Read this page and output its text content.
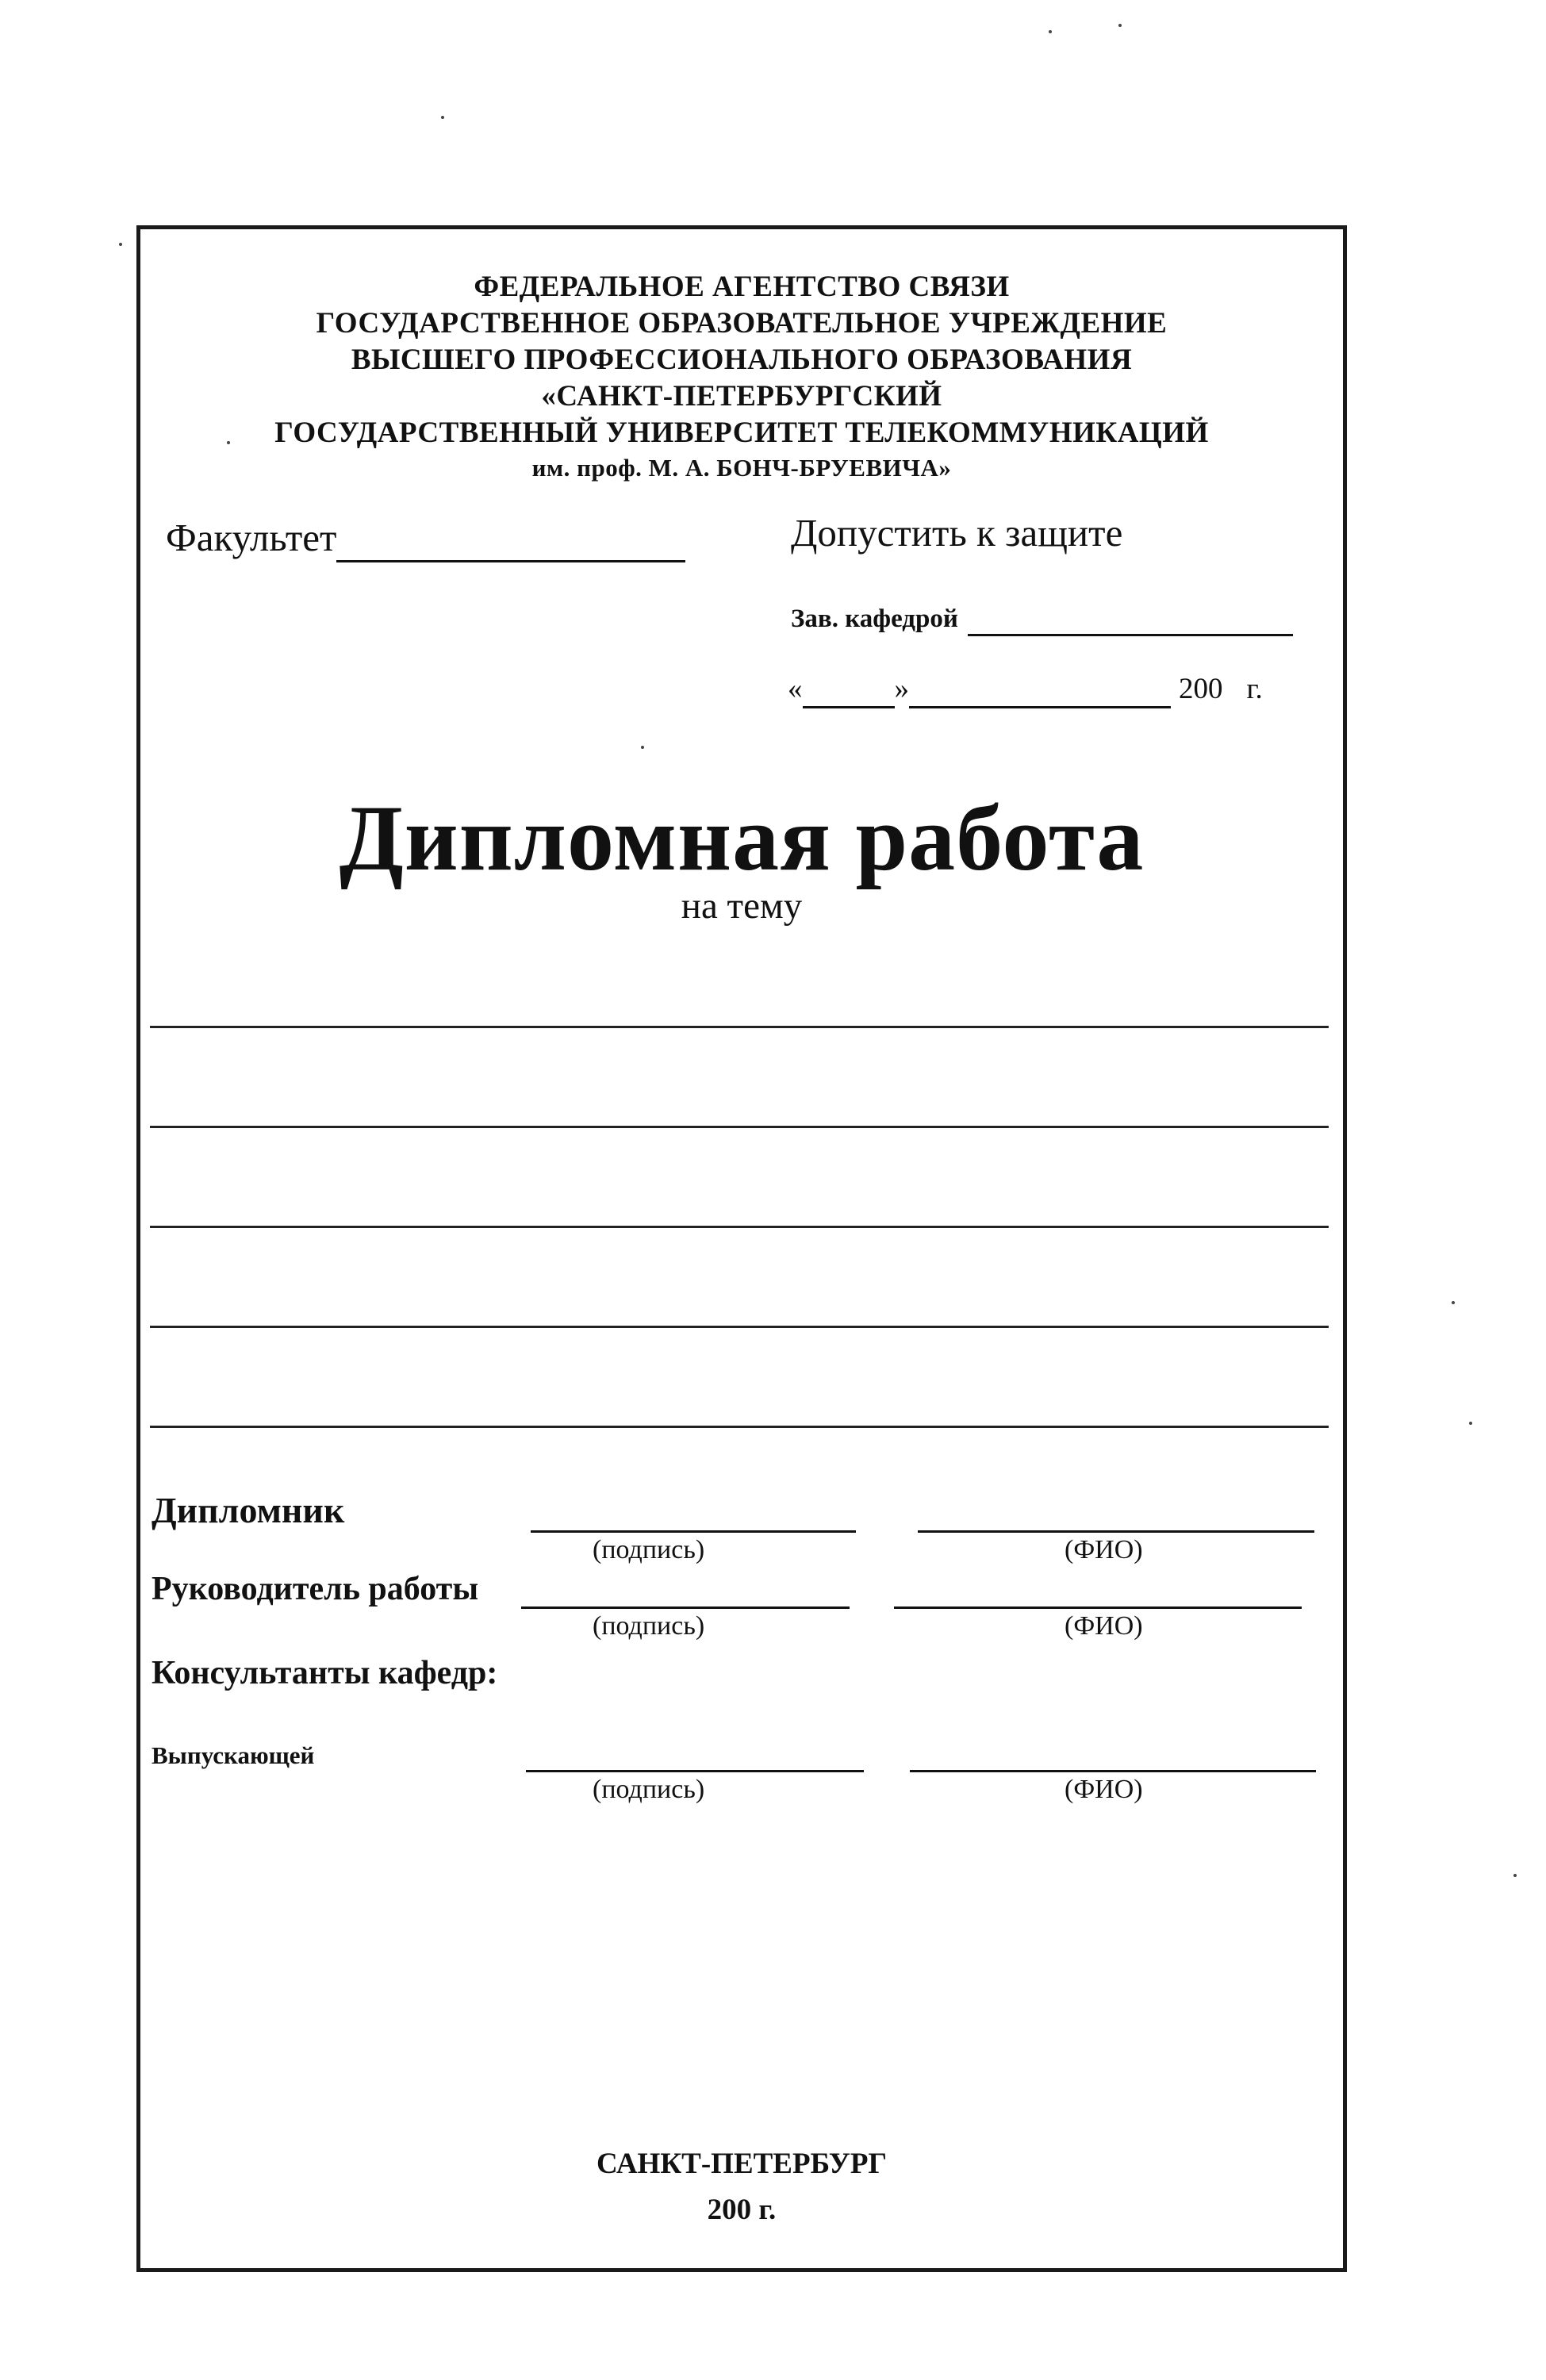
ФЕДЕРАЛЬНОЕ АГЕНТСТВО СВЯЗИ
ГОСУДАРСТВЕННОЕ ОБРАЗОВАТЕЛЬНОЕ УЧРЕЖДЕНИЕ
ВЫСШЕГО ПРОФЕССИОНАЛЬНОГО ОБРАЗОВАНИЯ
«САНКТ-ПЕТЕРБУРГСКИЙ
ГОСУДАРСТВЕННЫЙ УНИВЕРСИТЕТ ТЕЛЕКОММУНИКАЦИЙ
им. проф. М. А. БОНЧ-БРУЕВИЧА»
Факультет	Допустить к защите
Зав. кафедрой
«	»	200 г.
Дипломная работа
на тему
Дипломник
(подпись)	(ФИО)
Руководитель работы
(подпись)	(ФИО)
Консультанты кафедр:
Выпускающей
(подпись)	(ФИО)
САНКТ-ПЕТЕРБУРГ
200 г.
